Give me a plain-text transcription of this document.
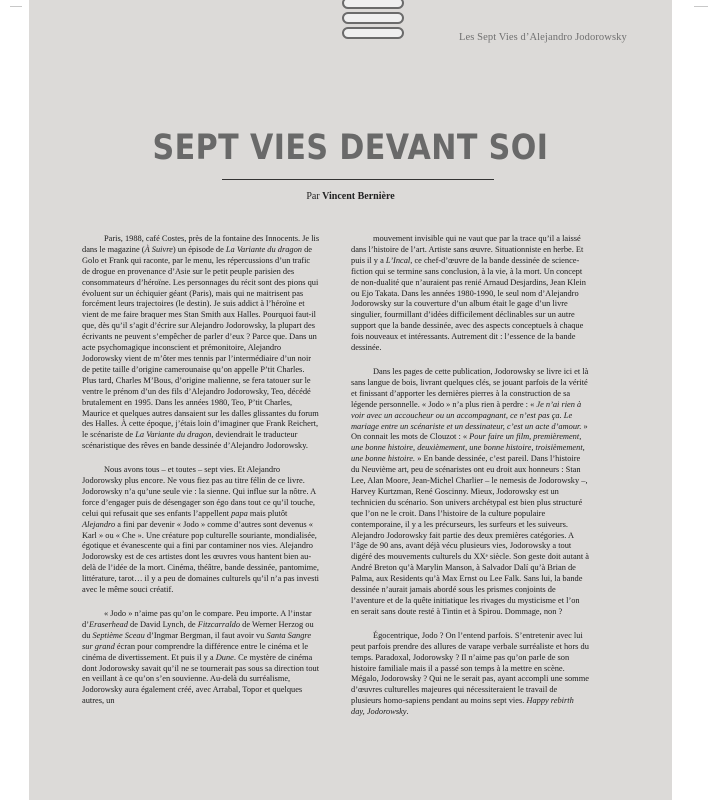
Les Sept Vies d’Alejandro Jodorowsky
SEPT VIES DEVANT SOI
Par Vincent Bernière

Paris, 1988, café Costes, près de la fontaine des Innocents. Je lis dans le magazine (À Suivre) un épisode de La Variante du dragon de Golo et Frank qui raconte, par le menu, les répercussions d’un trafic de drogue en provenance d’Asie sur le petit peuple parisien des consommateurs d’héroïne. Les personnages du récit sont des pions qui évoluent sur un échiquier géant (Paris), mais qui ne maitrisent pas forcément leurs trajectoires (le destin). Je suis addict à l’héroïne et vient de me faire braquer mes Stan Smith aux Halles. Pourquoi faut-il que, dès qu’il s’agit d’écrire sur Alejandro Jodorowsky, la plupart des écrivants ne peuvent s’empêcher de parler d’eux ? Parce que. Dans un acte psychomagique inconscient et prémonitoire, Alejandro Jodorowsky vient de m’ôter mes tennis par l’intermédiaire d’un noir de petite taille d’origine camerounaise qu’on appelle P’tit Charles. Plus tard, Charles M’Bous, d’origine malienne, se fera tatouer sur le ventre le prénom d’un des fils d’Alejandro Jodorowsky, Teo, décédé brutalement en 1995. Dans les années 1980, Teo, P’tit Charles, Maurice et quelques autres dansaient sur les dalles glissantes du forum des Halles. À cette époque, j’étais loin d’imaginer que Frank Reichert, le scénariste de La Variante du dragon, deviendrait le traducteur scénaristique des rêves en bande dessinée d’Alejandro Jodorowsky.

Nous avons tous – et toutes – sept vies. Et Alejandro Jodorowsky plus encore. Ne vous fiez pas au titre félin de ce livre. Jodorowsky n’a qu’une seule vie : la sienne. Qui influe sur la nôtre. A force d’engager puis de désengager son égo dans tout ce qu’il touche, celui qui refusait que ses enfants l’appellent papa mais plutôt Alejandro a fini par devenir « Jodo » comme d’autres sont devenus « Karl » ou « Che ». Une créature pop culturelle souriante, mondialisée, égotique et évanescente qui a fini par contaminer nos vies. Alejandro Jodorowsky est de ces artistes dont les œuvres vous hantent bien au-delà de l’idée de la mort. Cinéma, théâtre, bande dessinée, pantomime, littérature, tarot… il y a peu de domaines culturels qu’il n’a pas investi avec le même souci créatif.

« Jodo » n’aime pas qu’on le compare. Peu importe. A l’instar d’Eraserhead de David Lynch, de Fitzcarraldo de Werner Herzog ou du Septième Sceau d’Ingmar Bergman, il faut avoir vu Santa Sangre sur grand écran pour comprendre la différence entre le cinéma et le cinéma de divertissement. Et puis il y a Dune. Ce mystère de cinéma dont Jodorowsky savait qu’il ne se tournerait pas sous sa direction tout en veillant à ce qu’on s’en souvienne. Au-delà du surréalisme, Jodorowsky aura également créé, avec Arrabal, Topor et quelques autres, un

mouvement invisible qui ne vaut que par la trace qu’il a laissé dans l’histoire de l’art. Artiste sans œuvre. Situationniste en herbe. Et puis il y a L’Incal, ce chef-d’œuvre de la bande dessinée de science-fiction qui se termine sans conclusion, à la vie, à la mort. Un concept de non-dualité que n’auraient pas renié Arnaud Desjardins, Jean Klein ou Ejo Takata. Dans les années 1980-1990, le seul nom d’Alejandro Jodorowsky sur la couverture d’un album était le gage d’un livre singulier, fourmillant d’idées difficilement déclinables sur un autre support que la bande dessinée, avec des aspects conceptuels à chaque fois nouveaux et intéressants. Autrement dit : l’essence de la bande dessinée.

Dans les pages de cette publication, Jodorowsky se livre ici et là sans langue de bois, livrant quelques clés, se jouant parfois de la vérité et finissant d’apporter les dernières pierres à la construction de sa légende personnelle. « Jodo » n’a plus rien à perdre : « Je n’ai rien à voir avec un accoucheur ou un accompagnant, ce n’est pas ça. Le mariage entre un scénariste et un dessinateur, c’est un acte d’amour. » On connait les mots de Clouzot : « Pour faire un film, premièrement, une bonne histoire, deuxièmement, une bonne histoire, troisièmement, une bonne histoire. » En bande dessinée, c’est pareil. Dans l’histoire du Neuvième art, peu de scénaristes ont eu droit aux honneurs : Stan Lee, Alan Moore, Jean-Michel Charlier – le nemesis de Jodorowsky –, Harvey Kurtzman, René Goscinny. Mieux, Jodorowsky est un technicien du scénario. Son univers archétypal est bien plus structuré que l’on ne le croit. Dans l’histoire de la culture populaire contemporaine, il y a les précurseurs, les surfeurs et les suiveurs. Alejandro Jodorowsky fait partie des deux premières catégories. A l’âge de 90 ans, avant déjà vécu plusieurs vies, Jodorowsky a tout digéré des mouvements culturels du XXᵉ siècle. Son geste doit autant à André Breton qu’à Marylin Manson, à Salvador Dalí qu’à Brian de Palma, aux Residents qu’à Max Ernst ou Lee Falk. Sans lui, la bande dessinée n’aurait jamais abordé sous les prismes conjoints de l’aventure et de la quête initiatique les rivages du mysticisme et l’on en serait sans doute resté à Tintin et à Spirou. Dommage, non ?

Égocentrique, Jodo ? On l’entend parfois. S’entretenir avec lui peut parfois prendre des allures de varape verbale surréaliste et hors du temps. Paradoxal, Jodorowsky ? Il n’aime pas qu’on parle de son histoire familiale mais il a passé son temps à la mettre en scène. Mégalo, Jodorowsky ? Qui ne le serait pas, ayant accompli une somme d’œuvres culturelles majeures qui nécessiteraient le travail de plusieurs homo-sapiens pendant au moins sept vies. Happy rebirth day, Jodorowsky.
